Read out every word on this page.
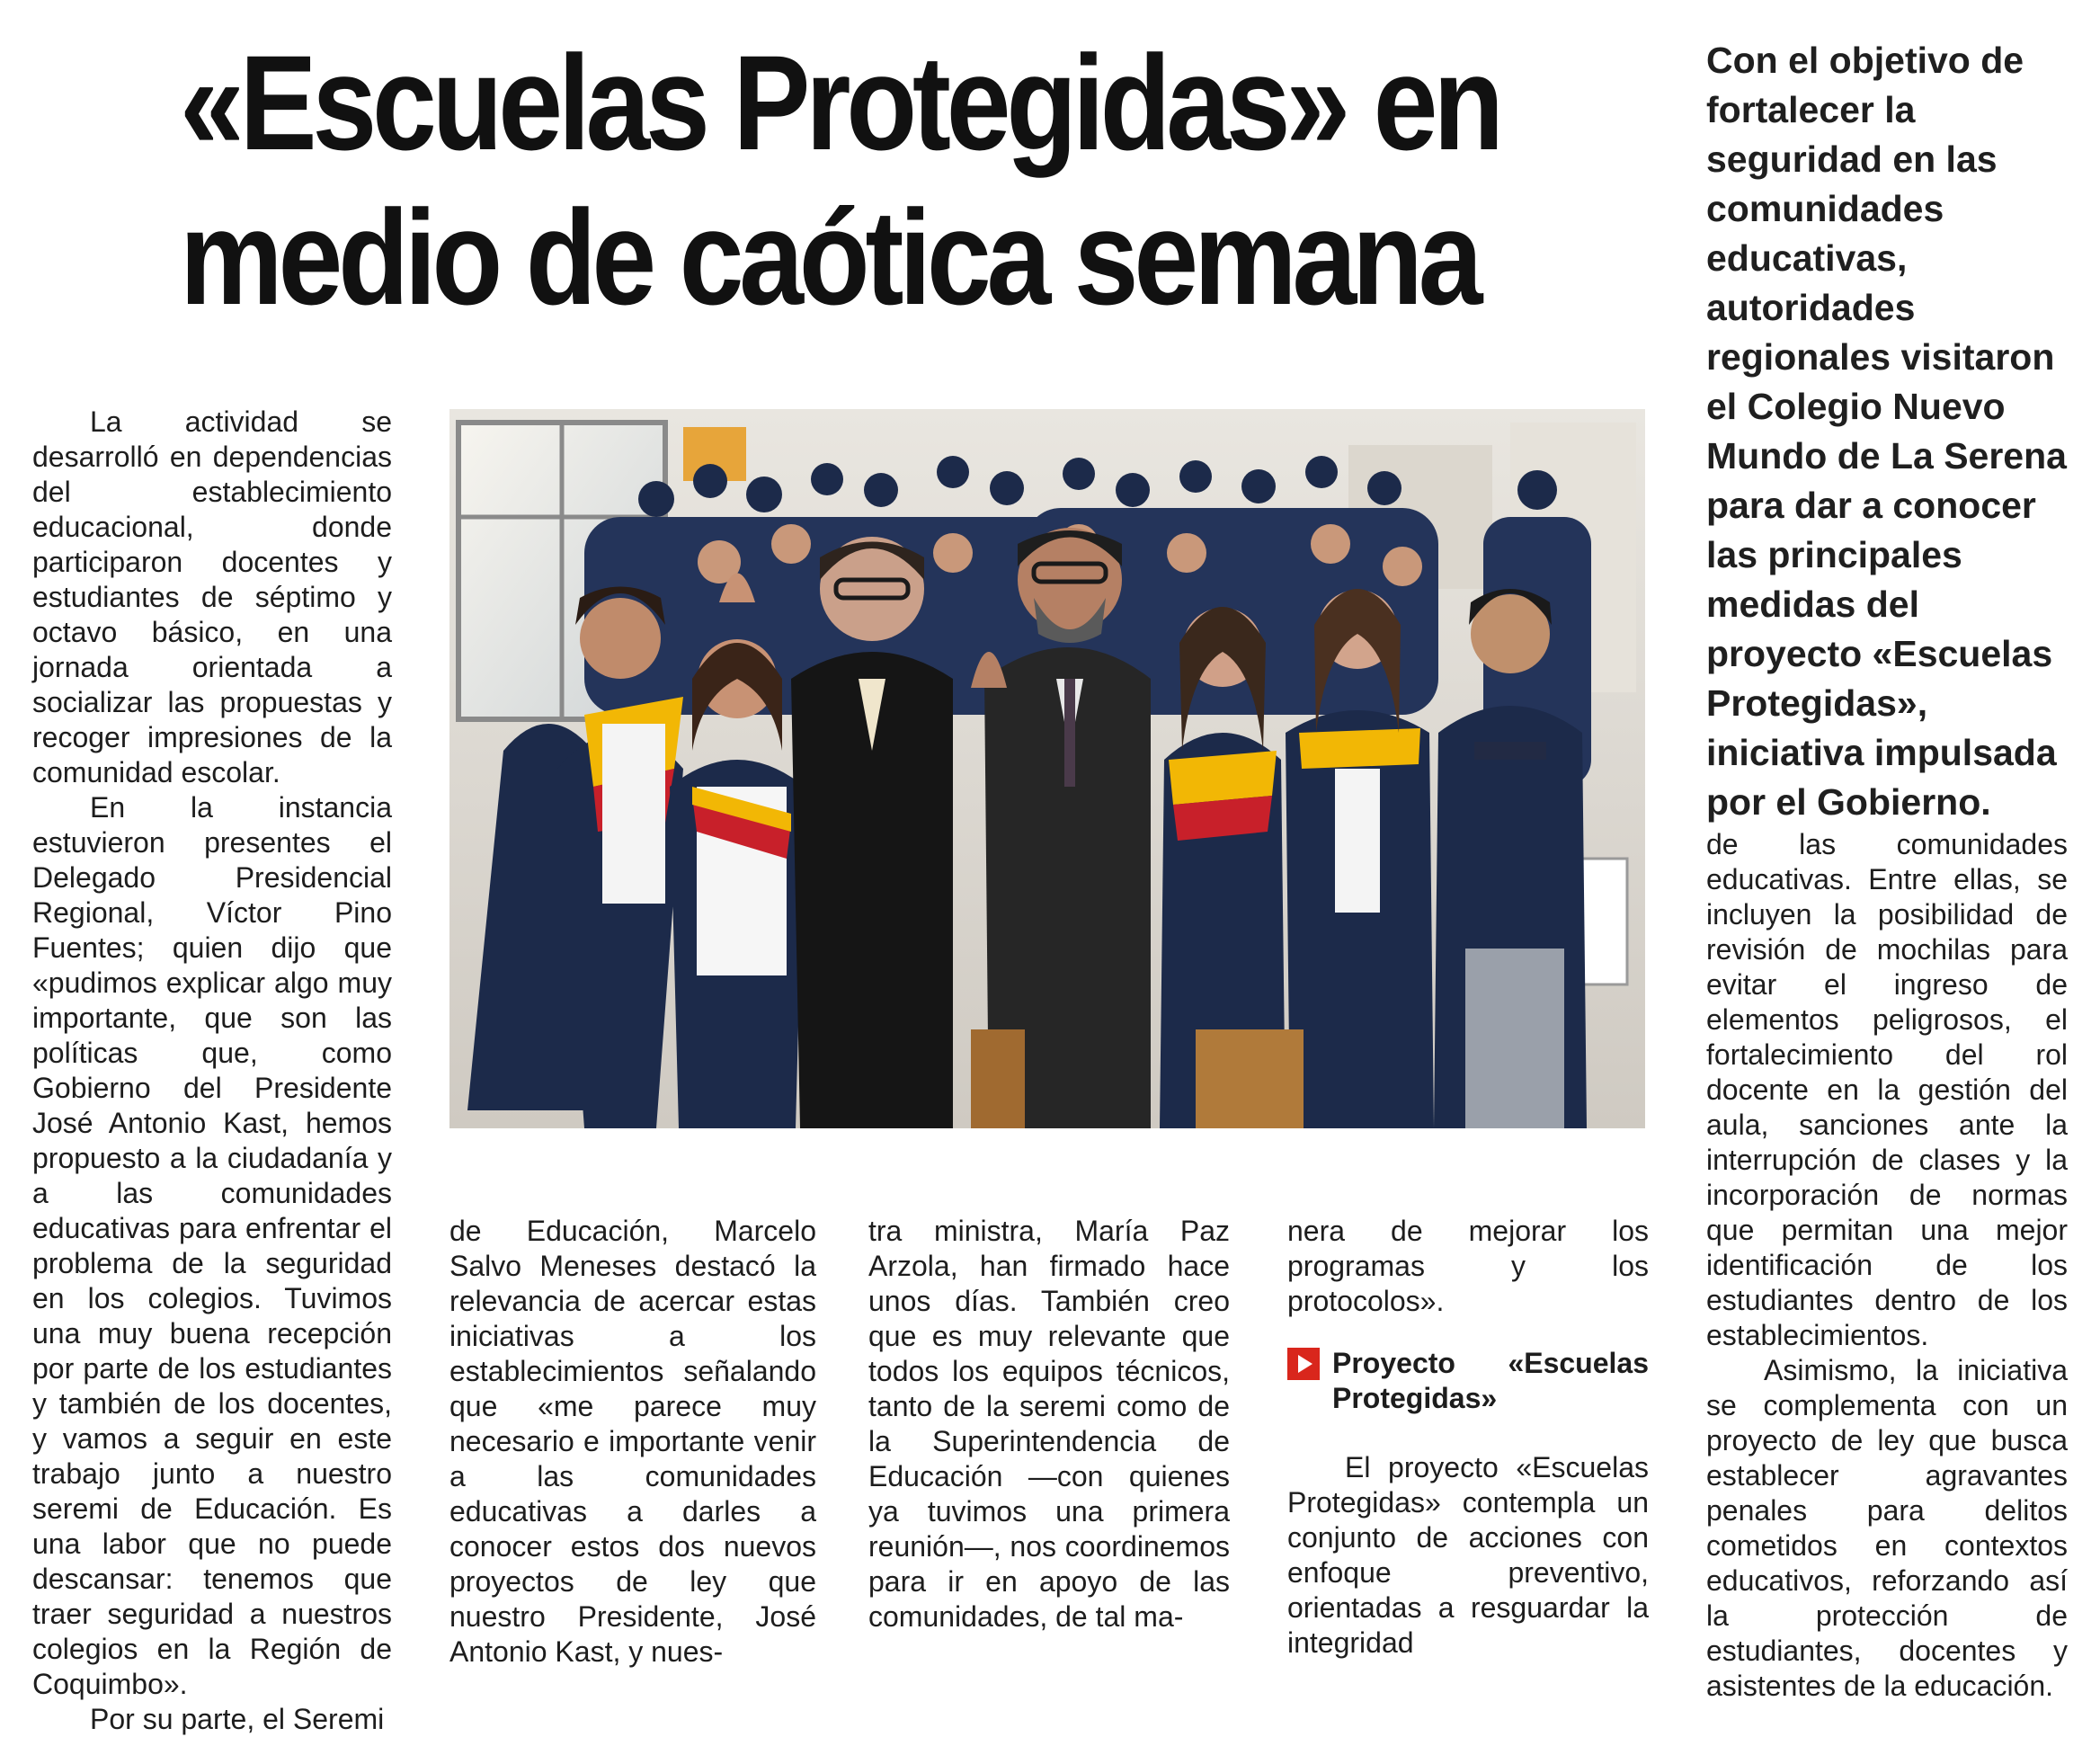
«Escuelas Protegidas» en
medio de caótica semana

Con el objetivo de fortalecer la seguridad en las comunidades educativas, autoridades regionales visitaron el Colegio Nuevo Mundo de La Serena para dar a conocer las principales medidas del proyecto «Escuelas Protegidas», iniciativa impulsada por el Gobierno.

La actividad se desarrolló en dependencias del establecimiento educacional, donde participaron docentes y estudiantes de séptimo y octavo básico, en una jornada orientada a socializar las propuestas y recoger impresiones de la comunidad escolar.

En la instancia estuvieron presentes el Delegado Presidencial Regional, Víctor Pino Fuentes; quien dijo que «pudimos explicar algo muy importante, que son las políticas que, como Gobierno del Presidente José Antonio Kast, hemos propuesto a la ciudadanía y a las comunidades educativas para enfrentar el problema de la seguridad en los colegios. Tuvimos una muy buena recepción por parte de los estudiantes y también de los docentes, y vamos a seguir en este trabajo junto a nuestro seremi de Educación. Es una labor que no puede descansar: tenemos que traer seguridad a nuestros colegios en la Región de Coquimbo».

Por su parte, el Seremi

de Educación, Marcelo Salvo Meneses destacó la relevancia de acercar estas iniciativas a los establecimientos señalando que «me parece muy necesario e importante venir a las comunidades educativas a darles a conocer estos dos nuevos proyectos de ley que nuestro Presidente, José Antonio Kast, y nues-

tra ministra, María Paz Arzola, han firmado hace unos días. También creo que es muy relevante que todos los equipos técnicos, tanto de la seremi como de la Superintendencia de Educación —con quienes ya tuvimos una primera reunión—, nos coordinemos para ir en apoyo de las comunidades, de tal ma-

nera de mejorar los programas y los protocolos».

Proyecto «Escuelas Protegidas»

El proyecto «Escuelas Protegidas» contempla un conjunto de acciones con enfoque preventivo, orientadas a resguardar la integridad

de las comunidades educativas. Entre ellas, se incluyen la posibilidad de revisión de mochilas para evitar el ingreso de elementos peligrosos, el fortalecimiento del rol docente en la gestión del aula, sanciones ante la interrupción de clases y la incorporación de normas que permitan una mejor identificación de los estudiantes dentro de los establecimientos.

Asimismo, la iniciativa se complementa con un proyecto de ley que busca establecer agravantes penales para delitos cometidos en contextos educativos, reforzando así la protección de estudiantes, docentes y asistentes de la educación.
